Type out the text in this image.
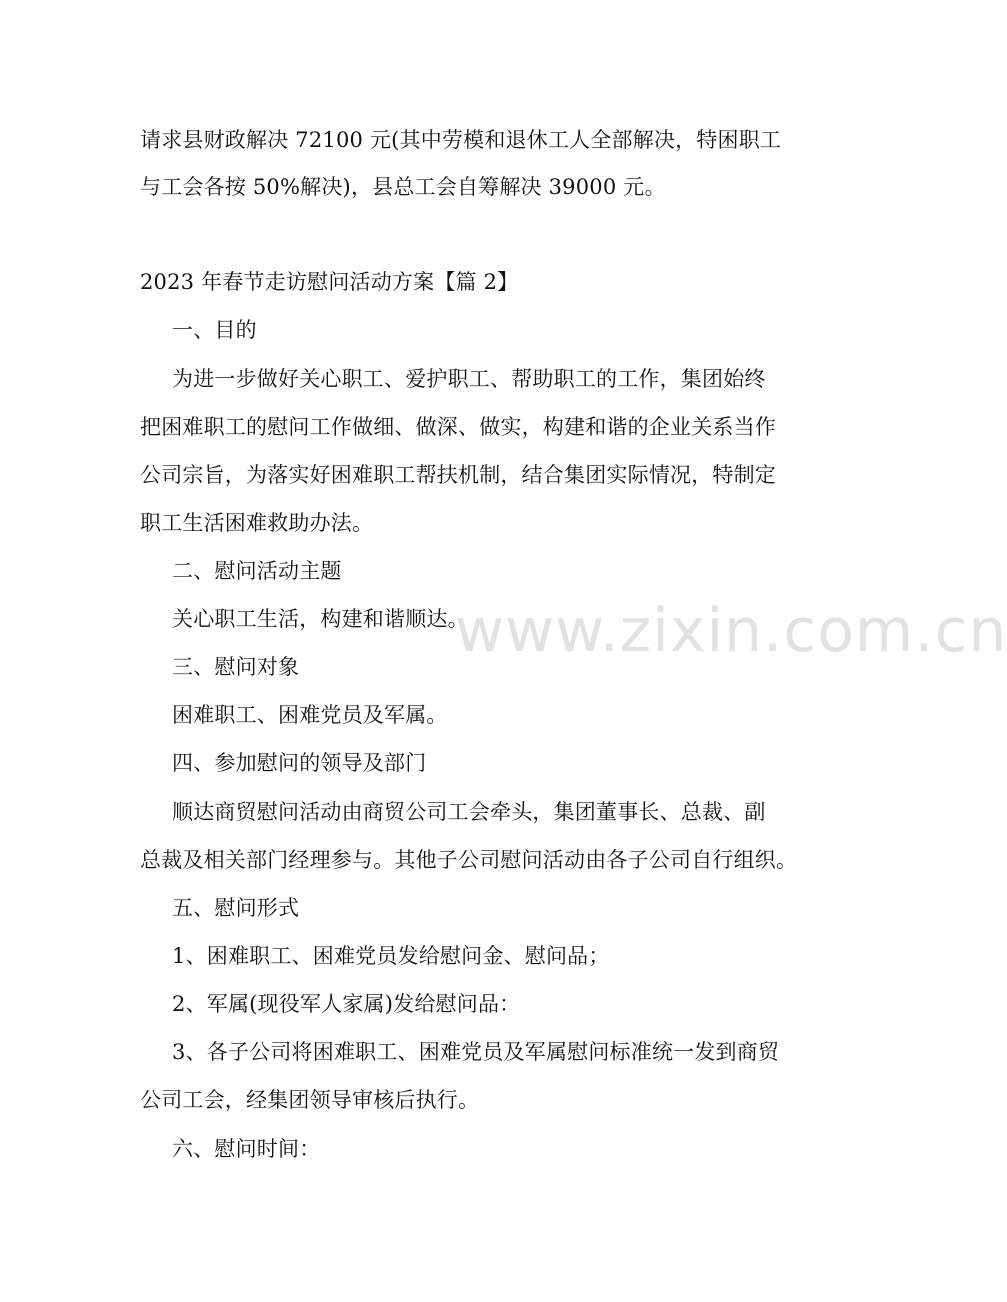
www.zixin.com.cn
请求县财政解决 72100 元(其中劳模和退休工人全部解决，特困职工
与工会各按 50%解决)，县总工会自筹解决 39000 元。
2023 年春节走访慰问活动方案【篇 2】
一、目的
为进一步做好关心职工、爱护职工、帮助职工的工作，集团始终
把困难职工的慰问工作做细、做深、做实，构建和谐的企业关系当作
公司宗旨，为落实好困难职工帮扶机制，结合集团实际情况，特制定
职工生活困难救助办法。
二、慰问活动主题
关心职工生活，构建和谐顺达。
三、慰问对象
困难职工、困难党员及军属。
四、参加慰问的领导及部门
顺达商贸慰问活动由商贸公司工会牵头，集团董事长、总裁、副
总裁及相关部门经理参与。其他子公司慰问活动由各子公司自行组织。
五、慰问形式
1、困难职工、困难党员发给慰问金、慰问品；
2、军属(现役军人家属)发给慰问品：
3、各子公司将困难职工、困难党员及军属慰问标准统一发到商贸
公司工会，经集团领导审核后执行。
六、慰问时间：
